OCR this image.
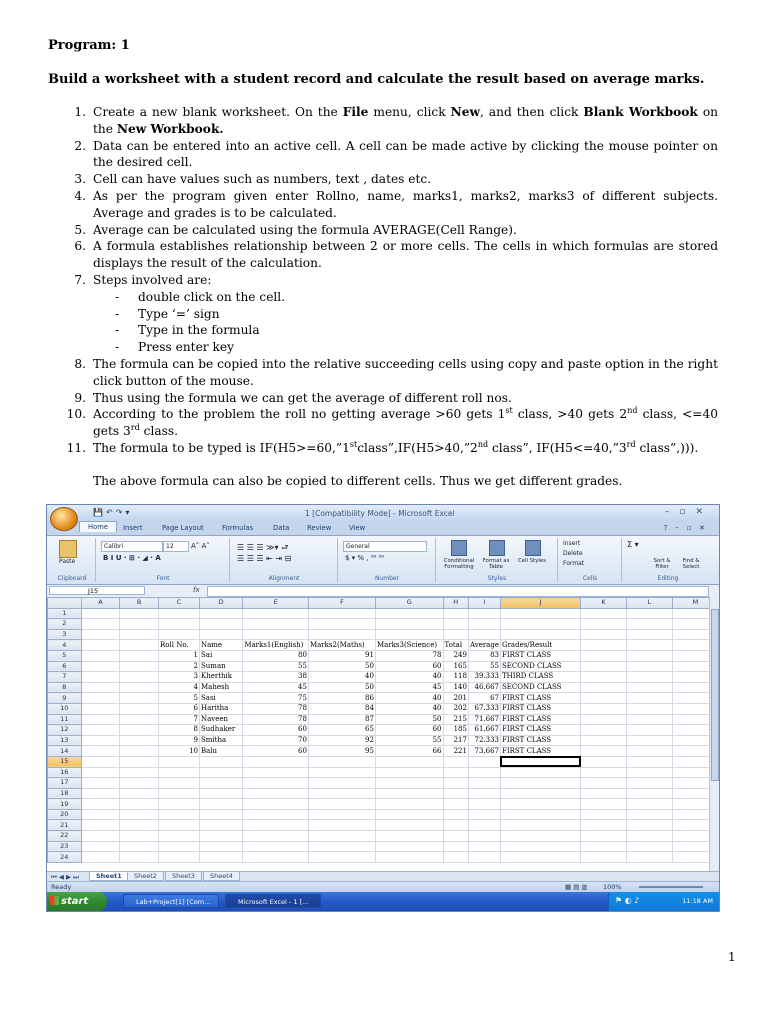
Program: 1
Build a worksheet with a student record and calculate the result based on average marks.
1. Create a new blank worksheet. On the File menu, click New, and then click Blank Workbook on the New Workbook.
2. Data can be entered into an active cell. A cell can be made active by clicking the mouse pointer on the desired cell.
3. Cell can have values such as numbers, text , dates etc.
4. As per the program given enter Rollno, name, marks1, marks2, marks3 of different subjects. Average and grades is to be calculated.
5. Average can be calculated using the formula AVERAGE(Cell Range).
6. A formula establishes relationship between 2 or more cells. The cells in which formulas are stored displays the result of the calculation.
7. Steps involved are:
- double click on the cell.
- Type ‘=’ sign
- Type in the formula
- Press enter key
8. The formula can be copied into the relative succeeding cells using copy and paste option in the right click button of the mouse.
9. Thus using the formula we can get the average of different roll nos.
10. According to the problem the roll no getting average >60 gets 1st class, >40 gets 2nd class, <=40 gets 3rd class.
11. The formula to be typed is IF(H5>=60,”1stclass”,IF(H5>40,”2nd class”, IF(H5<=40,”3rd class”,))).
The above formula can also be copied to different cells. Thus we get different grades.
💾↶↷▾	1 [Compatibility Mode] - Microsoft Excel	–▫✕
Home	Insert	Page Layout	Formulas	Data	Review	View	?–▫✕
Paste
Clipboard
Calibri	12	A˄ A˅
B I U · ⊞ · ◢ · A
Font
☰ ☰ ☰ ≫▾ ⮐
☰ ☰ ☰ ⇤ ⇥ ⊟
Alignment
General
$ ▾ % , ⁰⁰ ⁰⁰
Number
Conditional Formatting
Format as Table
Cell Styles
Styles
Insert
Delete
Format
Cells
Σ ▾
Sort & Filter
Find & Select
Editing
J15	fx
	A	B	C	D	E	F	G	H	I	J	K	L	M
1													
2													
3													
4			Roll No.	Name	Marks1(English)	Marks2(Maths)	Marks3(Science)	Total	Average	Grades/Result			
5			1	Sai	80	91	78	249	83	FIRST CLASS			
6			2	Suman	55	50	60	165	55	SECOND CLASS			
7			3	Kherthik	38	40	40	118	39.333	THIRD CLASS			
8			4	Mahesh	45	50	45	140	46.667	SECOND CLASS			
9			5	Sasi	75	86	40	201	67	FIRST CLASS			
10			6	Haritha	78	84	40	202	67.333	FIRST CLASS			
11			7	Naveen	78	87	50	215	71.667	FIRST CLASS			
12			8	Sudhaker	60	65	60	185	61.667	FIRST CLASS			
13			9	Smitha	70	92	55	217	72.333	FIRST CLASS			
14			10	Balu	60	95	66	221	73.667	FIRST CLASS			
15													
16													
17													
18													
19													
20													
21													
22													
23													
24													
⏮ ◀ ▶ ⏭	Sheet1	Sheet2	Sheet3	Sheet4
Ready	▦ ▤ ▥ 100%
start	Lab+Project[1] [Com...	Microsoft Excel - 1 [...	⚑ ◐ ♪	11:18 AM
1
